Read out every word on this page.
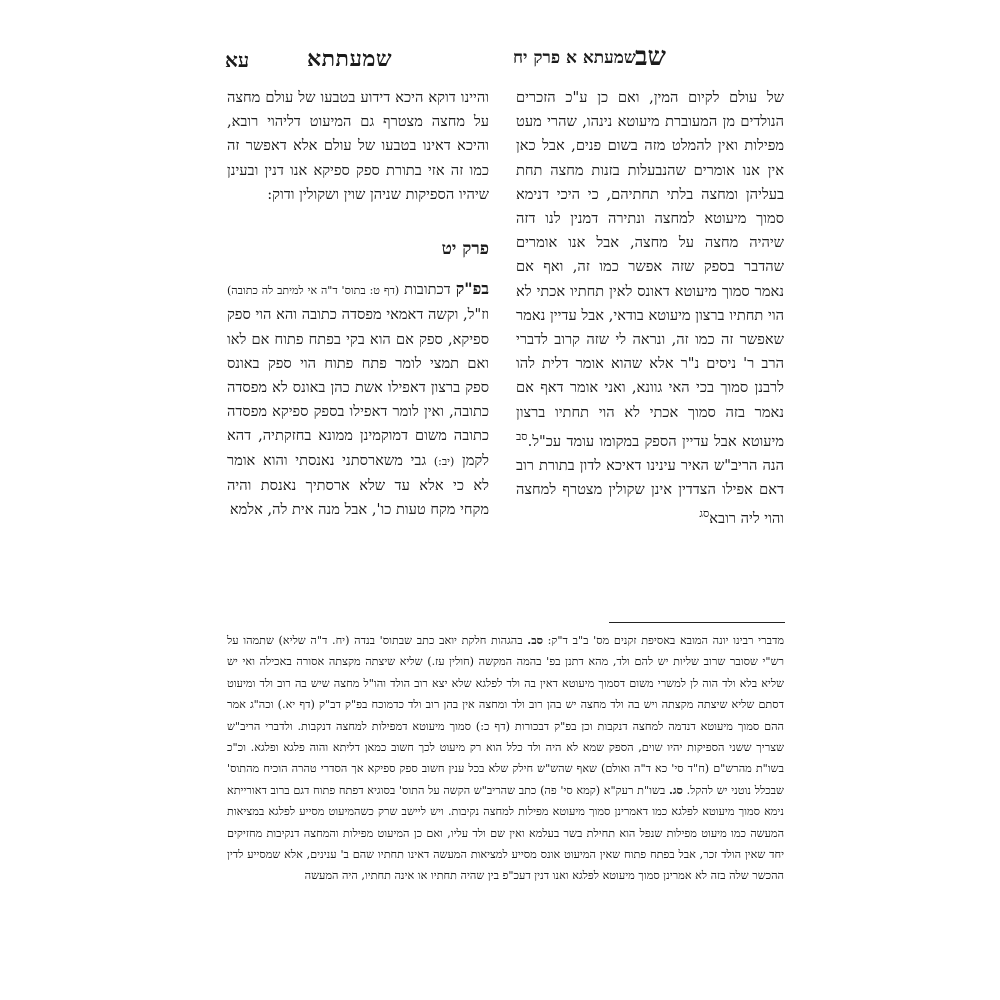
עא	שמעתתא	שמעתא א פרק יח שב

של עולם לקיום המין, ואם כן ע"כ הזכרים הנולדים מן המעוברת מיעוטא נינהו, שהרי מעט מפילות ואין להמלט מזה בשום פנים, אבל כאן אין אנו אומרים שהנבעלות בזנות מחצה תחת בעליהן ומחצה בלתי תחתיהם, כי היכי דנימא סמוך מיעוטא למחצה ונתירה דמנין לנו דזה שיהיה מחצה על מחצה, אבל אנו אומרים שהדבר בספק שזה אפשר כמו זה, ואף אם נאמר סמוך מיעוטא דאונס לאין תחתיו אכתי לא הוי תחתיו ברצון מיעוטא בודאי, אבל עדיין נאמר שאפשר זה כמו זה, ונראה לי שזה קרוב לדברי הרב ר' ניסים נ"ר אלא שהוא אומר דלית להו לרבנן סמוך בכי האי גוונא, ואני אומר דאף אם נאמר בזה סמוך אכתי לא הוי תחתיו ברצון מיעוטא אבל עדיין הספק במקומו עומד עכ"ל.$^{סב}$ הנה הריב"ש האיר עינינו דאיכא לדון בתורת רוב דאם אפילו הצדדין אינן שקולין מצטרף למחצה והוי ליה רובא$^{סג}$

והיינו דוקא היכא דידוע בטבעו של עולם מחצה על מחצה מצטרף גם המיעוט דליהוי רובא, והיכא דאינו בטבעו של עולם אלא דאפשר זה כמו זה אזי בתורת ספק ספיקא אנו דנין ובעינן שיהיו הספיקות שניהן שוין ושקולין ודוק:

פרק יט

בפ"ק דכתובות (דף ט: בתוס' ד"ה אי למיתב לה כתובה) וז"ל, וקשה דאמאי מפסדה כתובה והא הוי ספק ספיקא, ספק אם הוא בקי בפתח פתוח אם לאו ואם תמצי לומר פתח פתוח הוי ספק באונס ספק ברצון דאפילו אשת כהן באונס לא מפסדה כתובה, ואין לומר דאפילו בספק ספיקא מפסדה כתובה משום דמוקמינן ממונא בחזקתיה, דהא לקמן (יב:) גבי משארסתני נאנסתי והוא אומר לא כי אלא עד שלא ארסתיך נאנסת והיה מקחי מקח טעות כו', אבל מנה אית לה, אלמא

מדברי רבינו יונה המובא באסיפת זקנים מס' ב"ב ד"ק: סב. בהגהות חלקת יואב כתב שבתוס' בנדה (יח. ד"ה שליא) שתמהו על רש"י שסובר שרוב שליות יש להם ולד, מהא דתנן בפ' בהמה המקשה (חולין עז.) שליא שיצתה מקצתה אסורה באכילה ואי יש שליא בלא ולד הוה לן למשרי משום דסמוך מיעוטא דאין בה ולד לפלגא שלא יצא רוב הולד והו"ל מחצה שיש בה רוב ולד ומיעוט דסתם שליא שיצתה מקצתה ויש בה ולד מחצה יש בהן רוב ולד ומחצה אין בהן רוב ולד כדמוכח בפ"ק דב"ק (דף יא.) וכה"ג אמר ההם סמוך מיעוטא דנדמה למחצה דנקבות וכן בפ"ק דבכורות (דף כ:) סמוך מיעוטא דמפילות למחצה דנקבות. ולדברי הריב"ש שצריך ששני הספיקות יהיו שוים, הספק שמא לא היה ולד כלל הוא רק מיעוט לכך חשוב כמאן דליתא והוה פלגא ופלגא. וכ"כ בשו"ת מהרש"ם (ח"ד סי' כא ד"ה ואולם) שאף שהש"ש חילק שלא בכל ענין חשוב ספק ספיקא אך הסדרי טהרה הוכיח מהתוס' שבכלל נוטני יש להקל. סג. בשו"ת רעק"א (קמא סי' פה) כתב שהריב"ש הקשה על התוס' בסוגיא דפתח פתוח דגם ברוב דאורייתא נימא סמוך מיעוטא לפלגא כמו דאמרינן סמוך מיעוטא מפילות למחצה נקיבות. ויש ליישב שרק כשהמיעוט מסייע לפלגא במציאות המעשה כמו מיעוט מפילות שנפל הוא תחילת בשר בעלמא ואין שם ולד עליו, ואם כן המיעוט מפילות והמחצה דנקיבות מחזיקים יחד שאין הולד זכר, אבל בפתח פתוח שאין המיעוט אונס מסייע למציאות המעשה דאינו תחתיו שהם ב' ענינים, אלא שמסייע לדין ההכשר שלה בזה לא אמרינן סמוך מיעוטא לפלגא ואנו דנין דעכ"פ בין שהיה תחתיו או אינה תחתיו, היה המעשה
